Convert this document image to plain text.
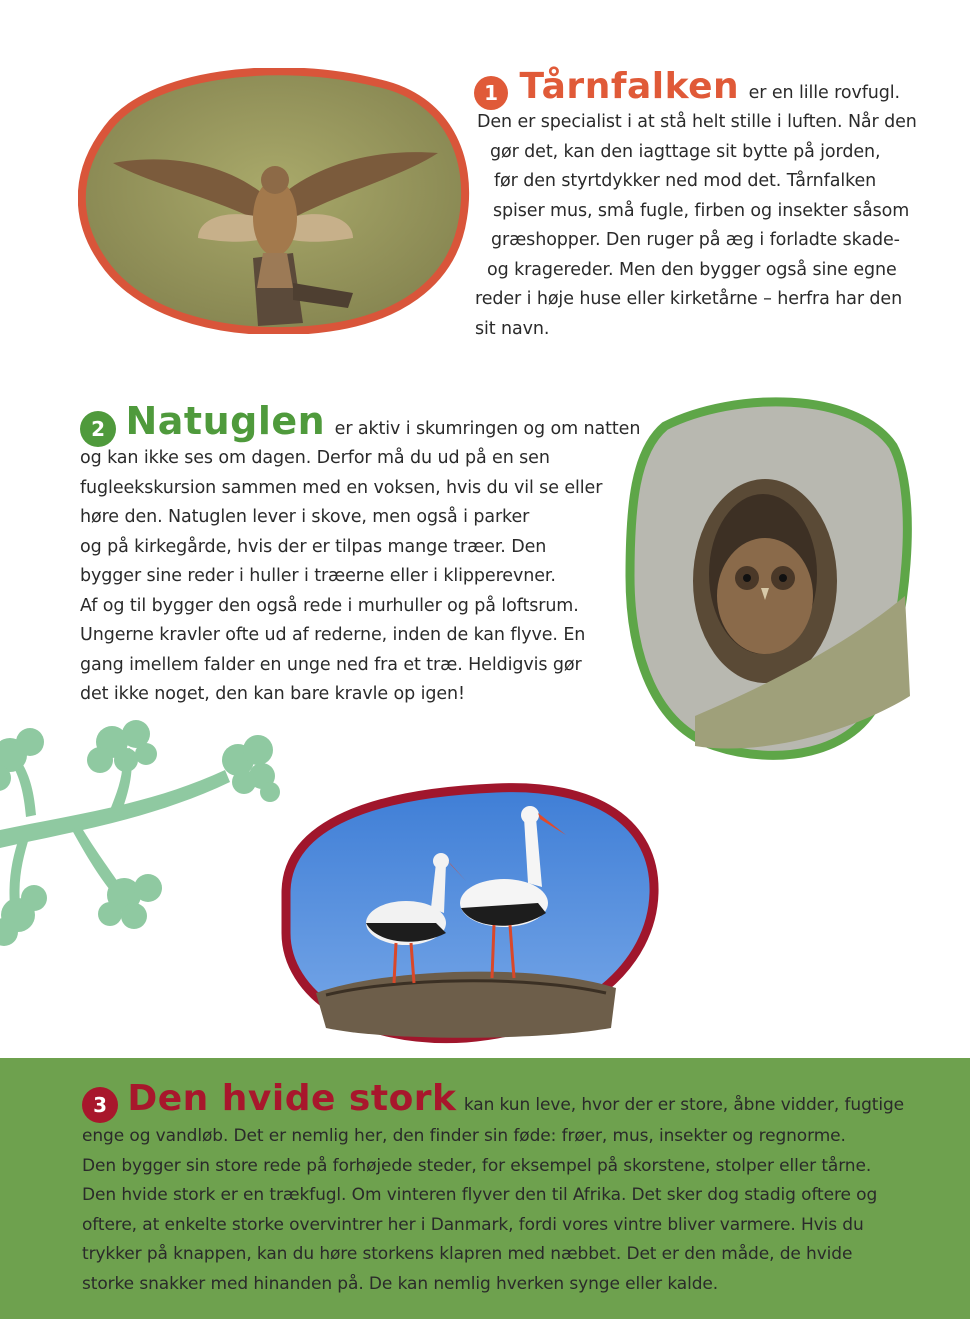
1 Tårnfalken er en lille rovfugl.
Den er specialist i at stå helt stille i luften. Når den
gør det, kan den iagttage sit bytte på jorden,
før den styrtdykker ned mod det. Tårnfalken
spiser mus, små fugle, firben og insekter såsom
græshopper. Den ruger på æg i forladte skade-
og kragereder. Men den bygger også sine egne
reder i høje huse eller kirketårne – herfra har den
sit navn.
2 Natuglen er aktiv i skumringen og om natten
og kan ikke ses om dagen. Derfor må du ud på en sen
fugleekskursion sammen med en voksen, hvis du vil se eller
høre den. Natuglen lever i skove, men også i parker
og på kirkegårde, hvis der er tilpas mange træer. Den
bygger sine reder i huller i træerne eller i klipperevner.
Af og til bygger den også rede i murhuller og på loftsrum.
Ungerne kravler ofte ud af rederne, inden de kan flyve. En
gang imellem falder en unge ned fra et træ. Heldigvis gør
det ikke noget, den kan bare kravle op igen!
3 Den hvide stork kan kun leve, hvor der er store, åbne vidder, fugtige
enge og vandløb. Det er nemlig her, den finder sin føde: frøer, mus, insekter og regnorme.
Den bygger sin store rede på forhøjede steder, for eksempel på skorstene, stolper eller tårne.
Den hvide stork er en trækfugl. Om vinteren flyver den til Afrika. Det sker dog stadig oftere og
oftere, at enkelte storke overvintrer her i Danmark, fordi vores vintre bliver varmere. Hvis du
trykker på knappen, kan du høre storkens klapren med næbbet. Det er den måde, de hvide
storke snakker med hinanden på. De kan nemlig hverken synge eller kalde.
